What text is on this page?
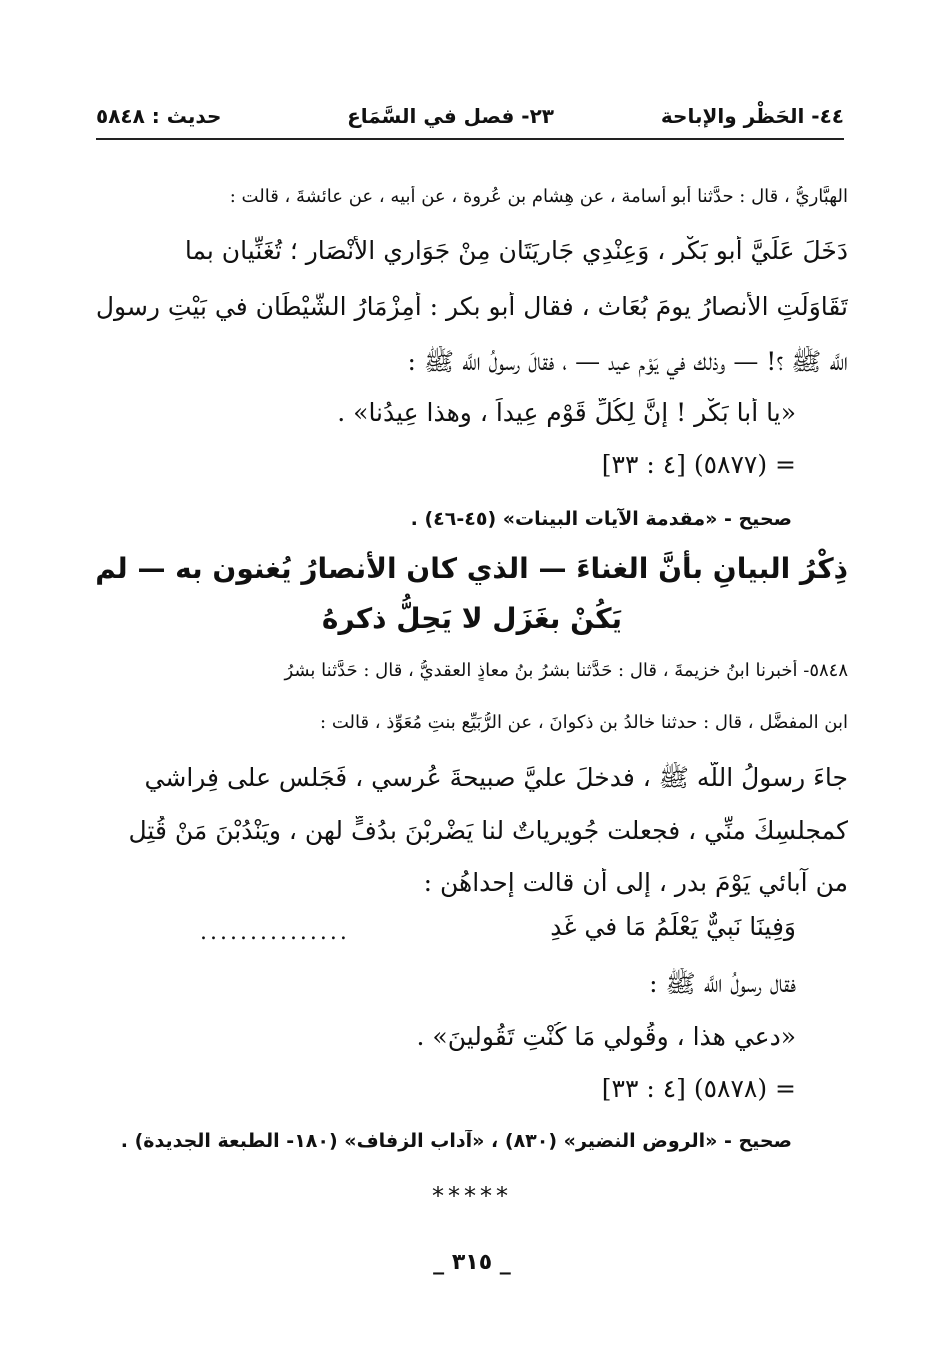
٤٤- الحَظْر والإباحة
٢٣- فصل في السَّمَاع
حديث : ٥٨٤٨
الهبَّاريُّ ، قال : حدَّثنا أبو أُسامة ، عن هِشام بن عُروة ، عن أبيه ، عن عائشةَ ، قالت :
دَخَلَ عَلَيَّ أبو بَكْر ، وَعِنْدِي جَارِيَتَان مِنْ جَوَارِي الأَنْصَار ؛ تُغَنِّيان بما
تَقَاوَلَتِ الأنصارُ يومَ بُعَاث ، فقال أبو بكر : أَمِزْمَارُ الشَّيْطَان في بَيْتِ رسول
اللَّه ﷺ ؟! — وذلك في يَوْم عيد — ، فقالَ رسولُ اللَّه ﷺ :
«يا أبا بَكْر ! إنَّ لِكُلِّ قَوْم عِيداً ، وهذا عِيدُنا» .
= (٥٨٧٧) [٤ : ٣٣]
صحيح - «مقدمة الآيات البينات» (٤٥-٤٦) .
ذِكْرُ البيانِ بأنَّ الغناءَ — الذي كان الأنصارُ يُغنون به — لم
يَكُنْ بغَزَل لا يَحِلُّ ذكرهُ
٥٨٤٨- أخبرنا ابنُ خزيمةَ ، قال : حَدَّثنا بشرُ بنُ معاذٍ العقديُّ ، قال : حَدَّثنا بشرُ
ابن المفضَّل ، قال : حدثنا خالدُ بن ذكوانَ ، عن الرُّبَيِّع بنتِ مُعَوِّذ ، قالت :
جاءَ رسولُ اللَّه ﷺ ، فدخلَ عليَّ صبيحةَ عُرسي ، فَجَلس على فِراشي
كمجلسِكَ منِّي ، فجعلت جُويرياتٌ لنا يَضْرِبْنَ بدُفٍّ لهن ، ويَنْدُبْنَ مَنْ قُتِل
من آبائي يَوْمَ بدر ، إلى أن قالت إحداهُن :
وَفِينَا نَبِيٌّ يَعْلَمُ مَا في غَدِ
...............
فقال رسولُ اللَّه ﷺ :
«دعي هذا ، وقُولي مَا كُنْتِ تَقُولينَ» .
= (٥٨٧٨) [٤ : ٣٣]
صحيح - «الروض النضير» (٨٣٠) ، «آداب الزفاف» (١٨٠- الطبعة الجديدة) .
*****
_ ٣١٥ _
